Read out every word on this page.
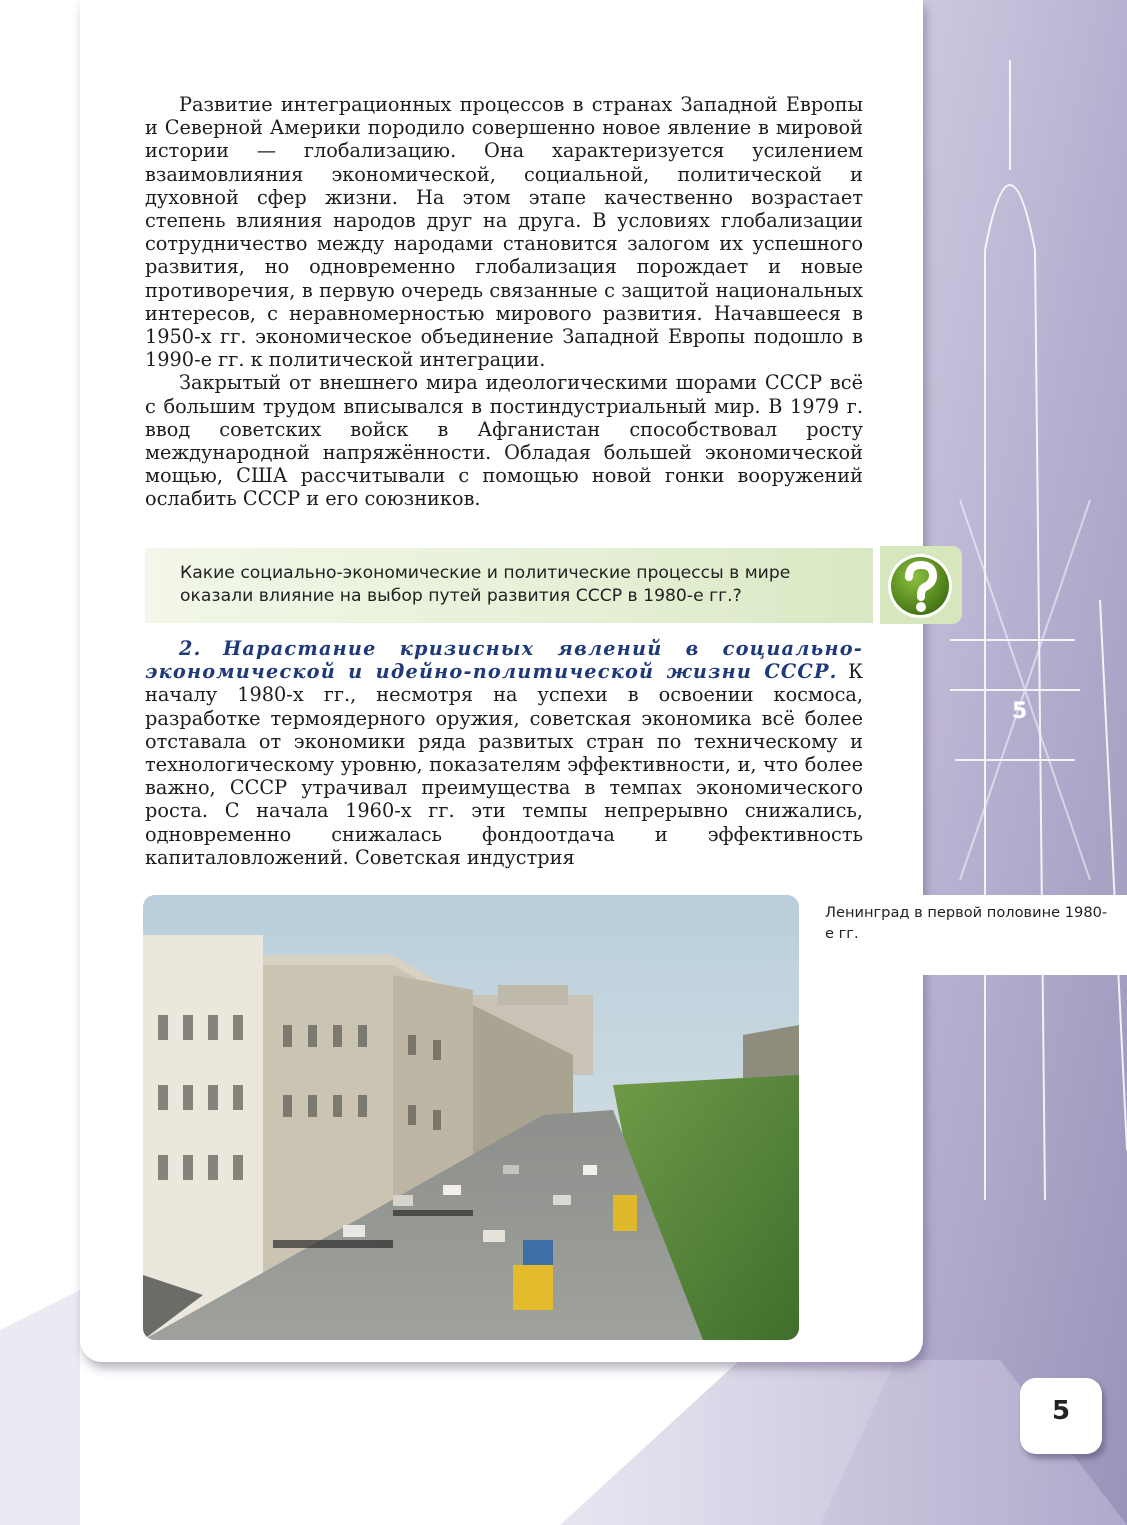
5

Развитие интеграционных процессов в странах Западной Европы и Северной Америки породило совершенно новое явление в мировой истории — глобализацию. Она характеризуется усилением взаимовлияния экономической, социальной, политической и духовной сфер жизни. На этом этапе качественно возрастает степень влияния народов друг на друга. В условиях глобализации сотрудничество между народами становится залогом их успешного развития, но одновременно глобализация порождает и новые противоречия, в первую очередь связанные с защитой национальных интересов, с неравномерностью мирового развития. Начавшееся в 1950-х гг. экономическое объединение Западной Европы подошло в 1990-е гг. к политической интеграции.

Закрытый от внешнего мира идеологическими шорами СССР всё с большим трудом вписывался в постиндустриальный мир. В 1979 г. ввод советских войск в Афганистан способствовал росту международной напряжённости. Обладая большей экономической мощью, США рассчитывали с помощью новой гонки вооружений ослабить СССР и его союзников.

Какие социально-экономические и политические процессы в мире
оказали влияние на выбор путей развития СССР в 1980-е гг.?

2. Нарастание кризисных явлений в социально-экономической и идейно-политической жизни СССР. К началу 1980-х гг., несмотря на успехи в освоении космоса, разработке термоядерного оружия, советская экономика всё более отставала от экономики ряда развитых стран по техническому и технологическому уровню, показателям эффективности, и, что более важно, СССР утрачивал преимущества в темпах экономического роста. С начала 1960-х гг. эти темпы непрерывно снижались, одновременно снижалась фондоотдача и эффективность капиталовложений. Советская индустрия

Ленинград в первой половине 1980-е гг.
5
